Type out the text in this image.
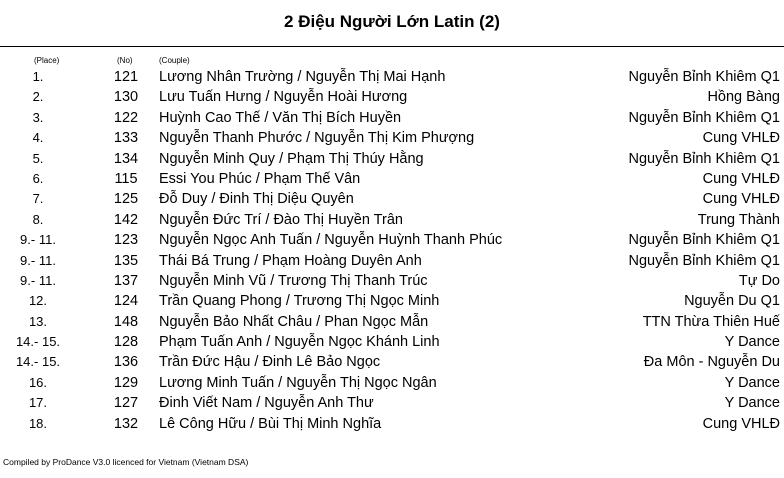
2 Điệu Người Lớn Latin (2)
(Place)	(No)	(Couple)
1.	121	Lương Nhân Trường / Nguyễn Thị Mai Hạnh	Nguyễn Bỉnh Khiêm Q1
2.	130	Lưu Tuấn Hưng / Nguyễn Hoài Hương	Hồng Bàng
3.	122	Huỳnh Cao Thế / Văn Thị Bích Huyền	Nguyễn Bỉnh Khiêm Q1
4.	133	Nguyễn Thanh Phước / Nguyễn Thị Kim Phượng	Cung VHLĐ
5.	134	Nguyễn Minh Quy / Phạm Thị Thúy Hằng	Nguyễn Bỉnh Khiêm Q1
6.	115	Essi You Phúc / Phạm Thế Vân	Cung VHLĐ
7.	125	Đỗ Duy / Đinh Thị Diệu Quyên	Cung VHLĐ
8.	142	Nguyễn Đức Trí / Đào Thị Huyền Trân	Trung Thành
9.- 11.	123	Nguyễn Ngọc Anh Tuấn / Nguyễn Huỳnh Thanh Phúc	Nguyễn Bỉnh Khiêm Q1
9.- 11.	135	Thái Bá Trung / Phạm Hoàng Duyên Anh	Nguyễn Bỉnh Khiêm Q1
9.- 11.	137	Nguyễn Minh Vũ / Trương Thị Thanh Trúc	Tự Do
12.	124	Trần Quang Phong / Trương Thị Ngọc Minh	Nguyễn Du Q1
13.	148	Nguyễn Bảo Nhất Châu / Phan Ngọc Mẫn	TTN Thừa Thiên Huế
14.- 15.	128	Phạm Tuấn Anh / Nguyễn Ngọc Khánh Linh	Y Dance
14.- 15.	136	Trần Đức Hậu / Đinh Lê Bảo Ngọc	Đa Môn - Nguyễn Du
16.	129	Lương Minh Tuấn / Nguyễn Thị Ngọc Ngân	Y Dance
17.	127	Đinh Viết Nam / Nguyễn Anh Thư	Y Dance
18.	132	Lê Công Hữu / Bùi Thị Minh Nghĩa	Cung VHLĐ
Compiled by ProDance V3.0 licenced for Vietnam (Vietnam DSA)
